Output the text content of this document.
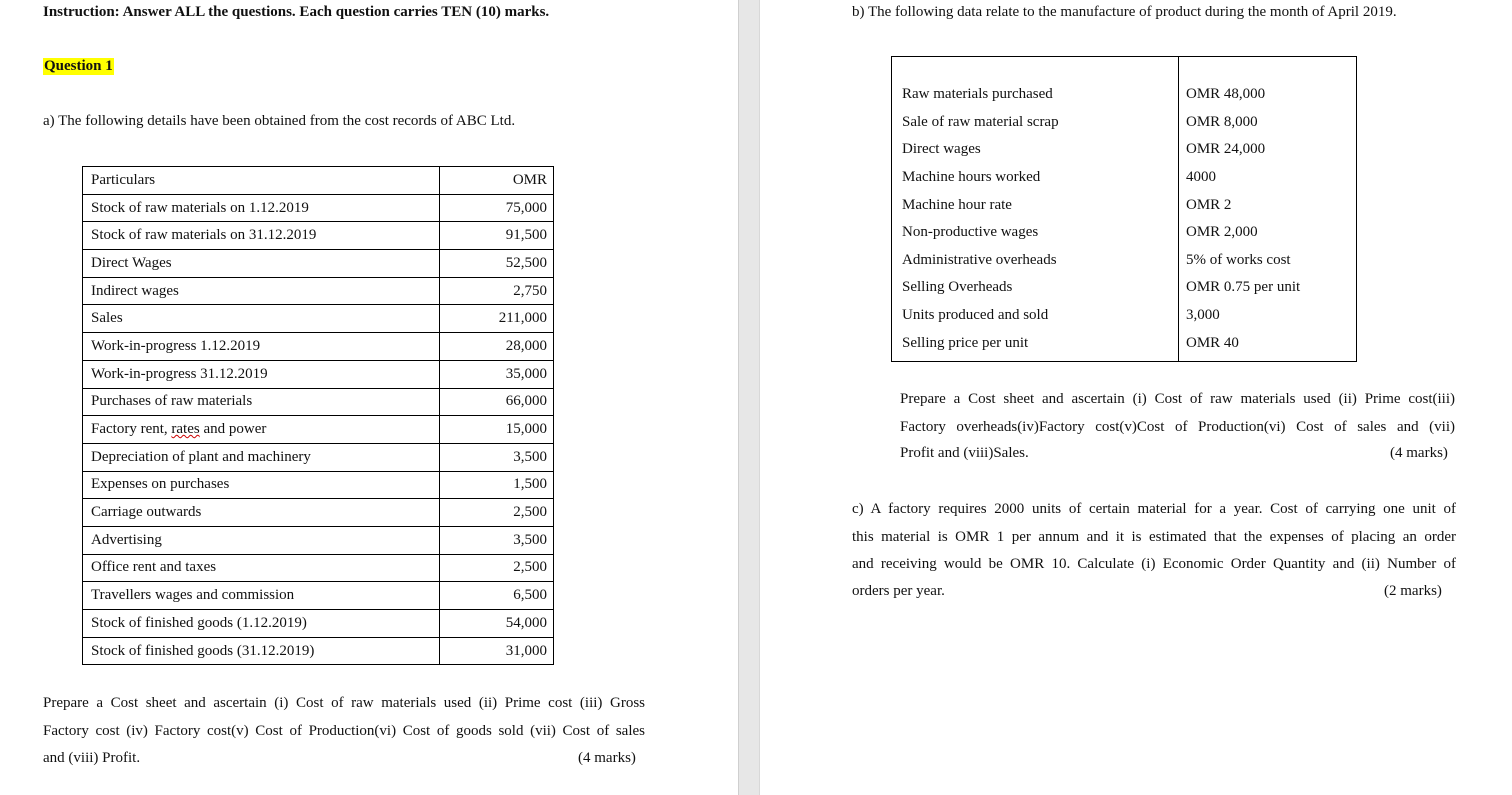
Instruction: Answer ALL the questions. Each question carries TEN (10) marks.
Question 1
a) The following details have been obtained from the cost records of ABC Ltd.
Particulars	OMR
Stock of raw materials on 1.12.2019	75,000
Stock of raw materials on 31.12.2019	91,500
Direct Wages	52,500
Indirect wages	2,750
Sales	211,000
Work-in-progress 1.12.2019	28,000
Work-in-progress 31.12.2019	35,000
Purchases of raw materials	66,000
Factory rent, rates and power	15,000
Depreciation of plant and machinery	3,500
Expenses on purchases	1,500
Carriage outwards	2,500
Advertising	3,500
Office rent and taxes	2,500
Travellers wages and commission	6,500
Stock of finished goods (1.12.2019)	54,000
Stock of finished goods (31.12.2019)	31,000
Prepare a Cost sheet and ascertain (i) Cost of raw materials used (ii) Prime cost (iii) Gross
Factory cost (iv) Factory cost(v) Cost of Production(vi) Cost of goods sold (vii) Cost of sales
and (viii) Profit.	(4 marks)
b) The following data relate to the manufacture of product during the month of April 2019.
Raw materials purchased	OMR 48,000
Sale of raw material scrap	OMR 8,000
Direct wages	OMR 24,000
Machine hours worked	4000
Machine hour rate	OMR 2
Non-productive wages	OMR 2,000
Administrative overheads	5% of works cost
Selling Overheads	OMR 0.75 per unit
Units produced and sold	3,000
Selling price per unit	OMR 40
Prepare a Cost sheet and ascertain (i) Cost of raw materials used (ii) Prime cost(iii)
Factory overheads(iv)Factory cost(v)Cost of Production(vi) Cost of sales and (vii)
Profit and (viii)Sales.	(4 marks)
c) A factory requires 2000 units of certain material for a year. Cost of carrying one unit of
this material is OMR 1 per annum and it is estimated that the expenses of placing an order
and receiving would be OMR 10. Calculate (i) Economic Order Quantity and (ii) Number of
orders per year.	(2 marks)
